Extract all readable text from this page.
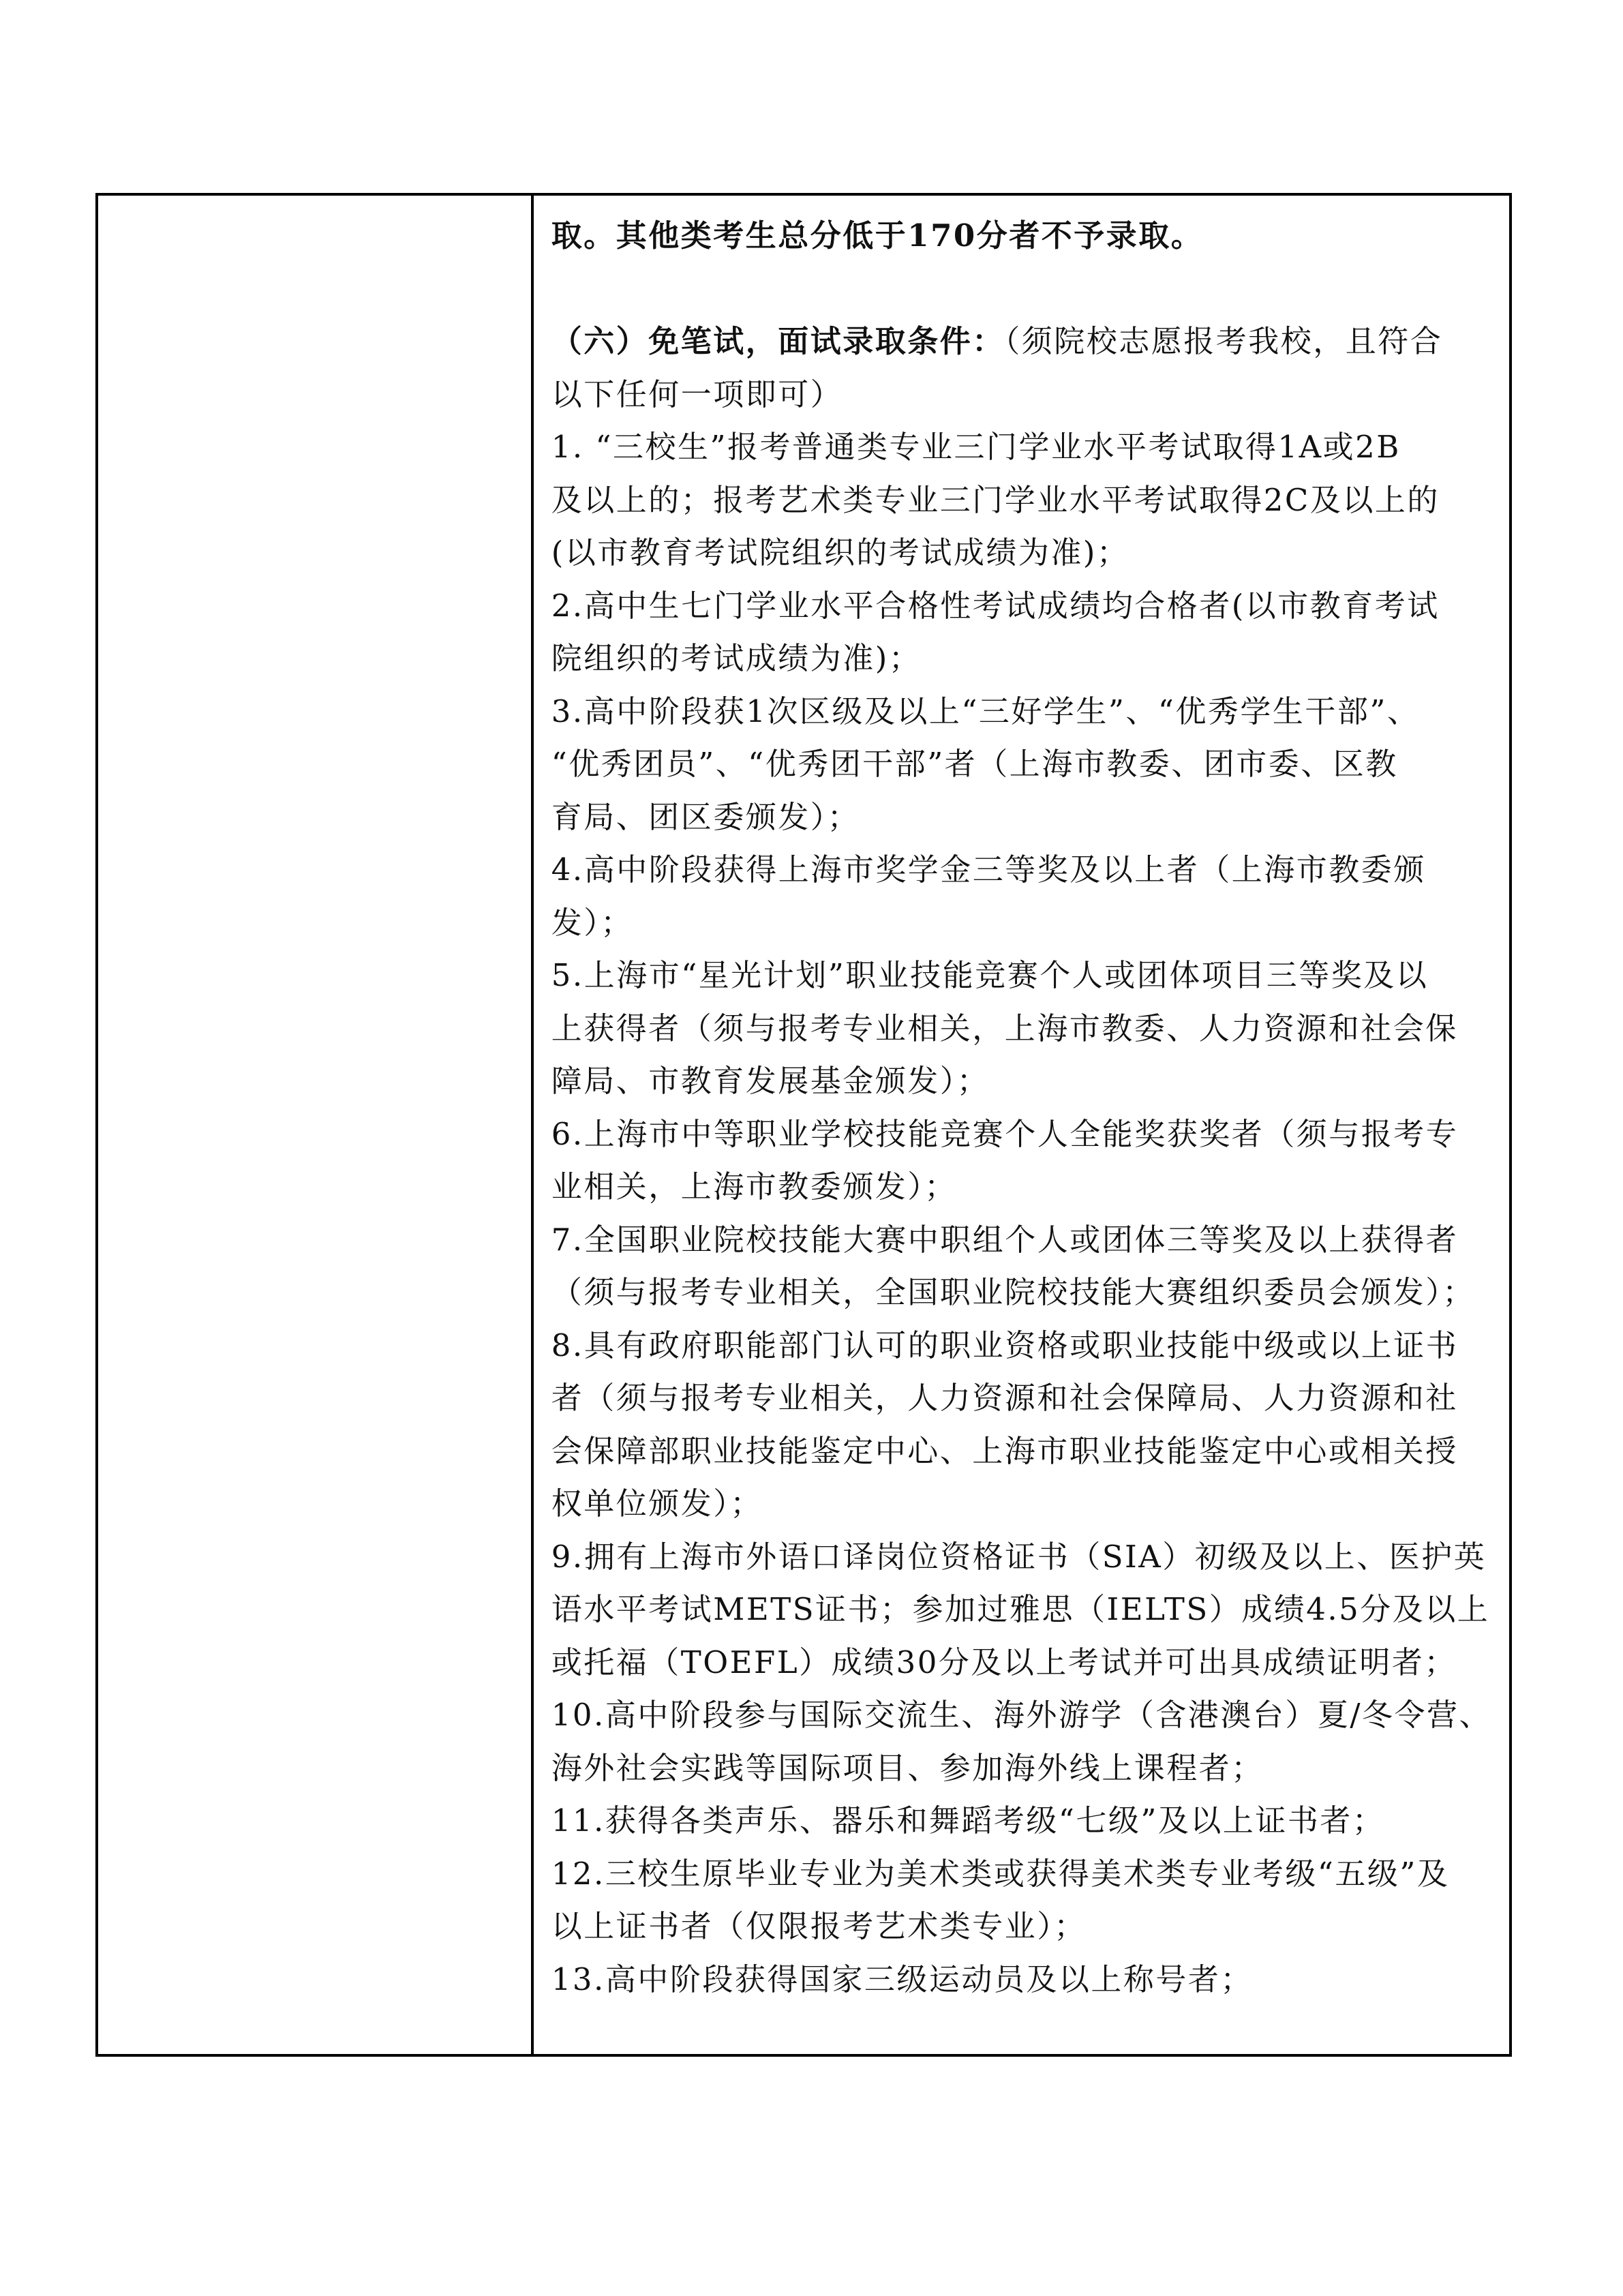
取。其他类考生总分低于170分者不予录取。
（六）免笔试，面试录取条件：（须院校志愿报考我校，且符合
以下任何一项即可）
1. “三校生”报考普通类专业三门学业水平考试取得1A或2B
及以上的；报考艺术类专业三门学业水平考试取得2C及以上的
(以市教育考试院组织的考试成绩为准)；
2.高中生七门学业水平合格性考试成绩均合格者(以市教育考试
院组织的考试成绩为准)；
3.高中阶段获1次区级及以上“三好学生”、“优秀学生干部”、
“优秀团员”、“优秀团干部”者（上海市教委、团市委、区教
育局、团区委颁发）；
4.高中阶段获得上海市奖学金三等奖及以上者（上海市教委颁
发）；
5.上海市“星光计划”职业技能竞赛个人或团体项目三等奖及以
上获得者（须与报考专业相关，上海市教委、人力资源和社会保
障局、市教育发展基金颁发）；
6.上海市中等职业学校技能竞赛个人全能奖获奖者（须与报考专
业相关，上海市教委颁发）；
7.全国职业院校技能大赛中职组个人或团体三等奖及以上获得者
（须与报考专业相关，全国职业院校技能大赛组织委员会颁发）；
8.具有政府职能部门认可的职业资格或职业技能中级或以上证书
者（须与报考专业相关，人力资源和社会保障局、人力资源和社
会保障部职业技能鉴定中心、上海市职业技能鉴定中心或相关授
权单位颁发）；
9.拥有上海市外语口译岗位资格证书（SIA）初级及以上、医护英
语水平考试METS证书；参加过雅思（IELTS）成绩4.5分及以上
或托福（TOEFL）成绩30分及以上考试并可出具成绩证明者；
10.高中阶段参与国际交流生、海外游学（含港澳台）夏/冬令营、
海外社会实践等国际项目、参加海外线上课程者；
11.获得各类声乐、器乐和舞蹈考级“七级”及以上证书者；
12.三校生原毕业专业为美术类或获得美术类专业考级“五级”及
以上证书者（仅限报考艺术类专业）；
13.高中阶段获得国家三级运动员及以上称号者；
